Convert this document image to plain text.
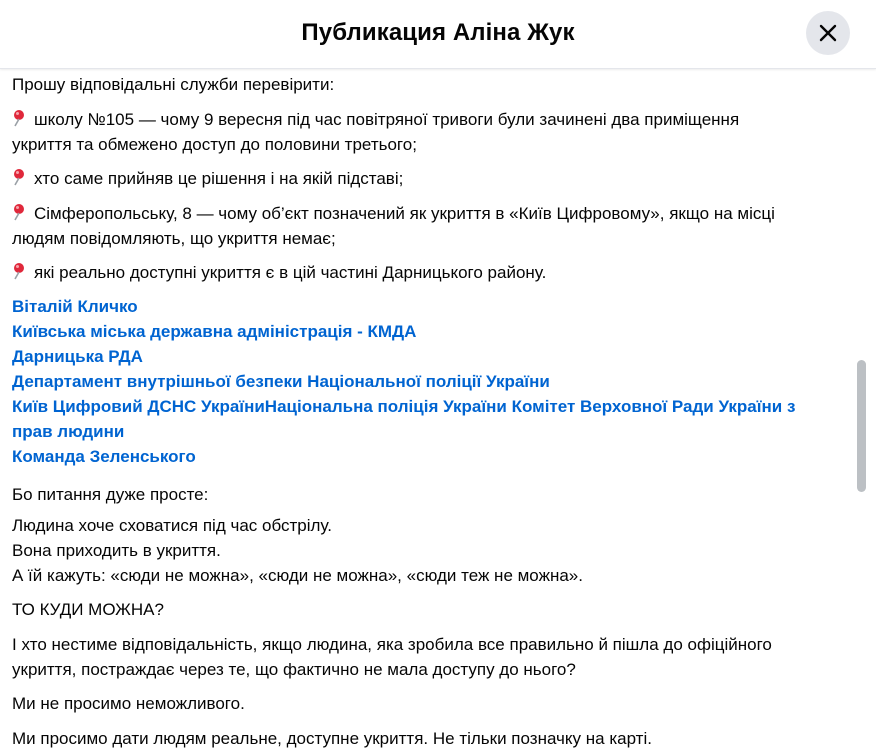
Публикация Аліна Жук

Прошу відповідальні служби перевірити:

школу №105 — чому 9 вересня під час повітряної тривоги були зачинені два приміщення
укриття та обмежено доступ до половини третього;

хто саме прийняв це рішення і на якій підставі;

Сімферопольську, 8 — чому об’єкт позначений як укриття в «Київ Цифровому», якщо на місці
людям повідомляють, що укриття немає;

які реально доступні укриття є в цій частині Дарницького району.

Віталій Кличко
Київська міська державна адміністрація - КМДА
Дарницька РДА
Департамент внутрішньої безпеки Національної поліції України
Київ Цифровий ДСНС УкраїниНаціональна поліція України Комітет Верховної Ради України з
прав людини
Команда Зеленського

Бо питання дуже просте:

Людина хоче сховатися під час обстрілу.
Вона приходить в укриття.
А їй кажуть: «сюди не можна», «сюди не можна», «сюди теж не можна».

ТО КУДИ МОЖНА?

І хто нестиме відповідальність, якщо людина, яка зробила все правильно й пішла до офіційного
укриття, постраждає через те, що фактично не мала доступу до нього?

Ми не просимо неможливого.

Ми просимо дати людям реальне, доступне укриття. Не тільки позначку на карті.
